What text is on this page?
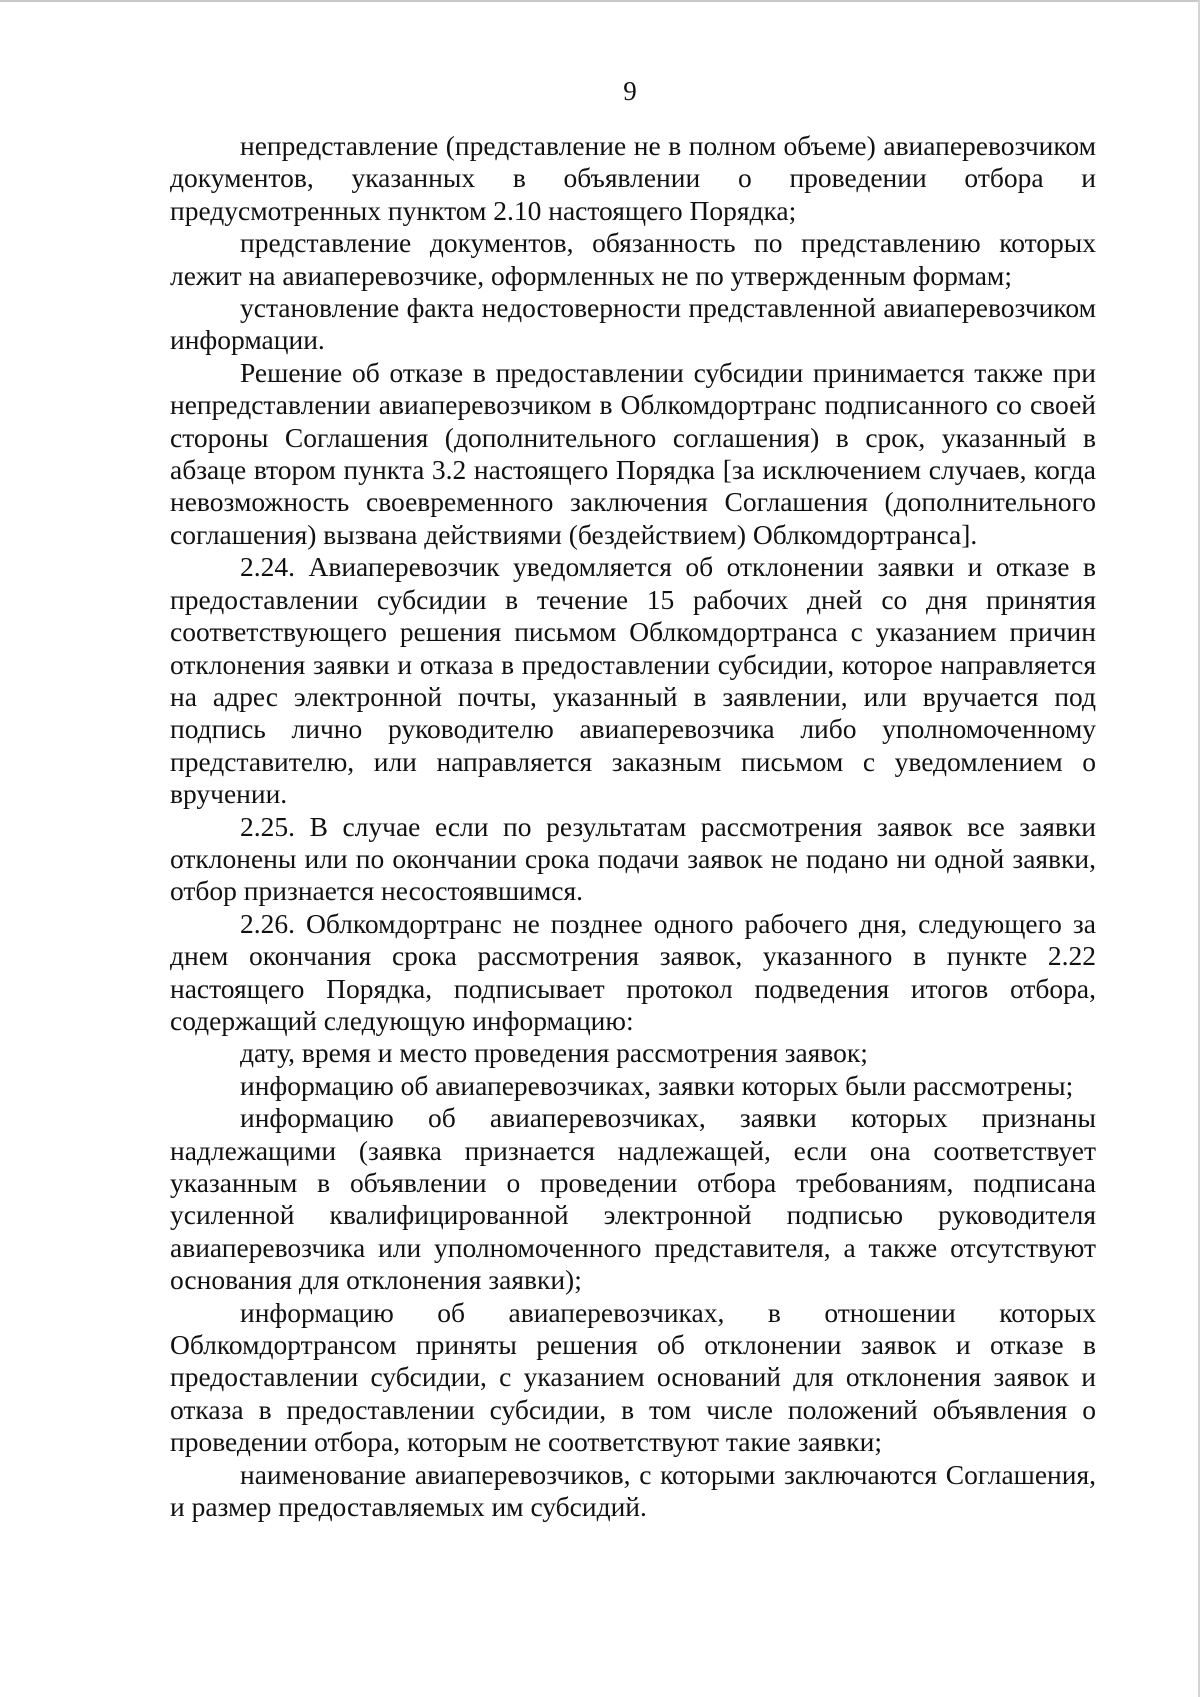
9

непредставление (представление не в полном объеме) авиаперевозчиком документов, указанных в объявлении о проведении отбора и предусмотренных пунктом 2.10 настоящего Порядка;

представление документов, обязанность по представлению которых лежит на авиаперевозчике, оформленных не по утвержденным формам;

установление факта недостоверности представленной авиаперевозчиком информации.

Решение об отказе в предоставлении субсидии принимается также при непредставлении авиаперевозчиком в Облкомдортранс подписанного со своей стороны Соглашения (дополнительного соглашения) в срок, указанный в абзаце втором пункта 3.2 настоящего Порядка [за исключением случаев, когда невозможность своевременного заключения Соглашения (дополнительного соглашения) вызвана действиями (бездействием) Облкомдортранса].

2.24. Авиаперевозчик уведомляется об отклонении заявки и отказе в предоставлении субсидии в течение 15 рабочих дней со дня принятия соответствующего решения письмом Облкомдортранса с указанием причин отклонения заявки и отказа в предоставлении субсидии, которое направляется на адрес электронной почты, указанный в заявлении, или вручается под подпись лично руководителю авиаперевозчика либо уполномоченному представителю, или направляется заказным письмом с уведомлением о вручении.

2.25. В случае если по результатам рассмотрения заявок все заявки отклонены или по окончании срока подачи заявок не подано ни одной заявки, отбор признается несостоявшимся.

2.26. Облкомдортранс не позднее одного рабочего дня, следующего за днем окончания срока рассмотрения заявок, указанного в пункте 2.22 настоящего Порядка, подписывает протокол подведения итогов отбора, содержащий следующую информацию:

дату, время и место проведения рассмотрения заявок;

информацию об авиаперевозчиках, заявки которых были рассмотрены;

информацию об авиаперевозчиках, заявки которых признаны надлежащими (заявка признается надлежащей, если она соответствует указанным в объявлении о проведении отбора требованиям, подписана усиленной квалифицированной электронной подписью руководителя авиаперевозчика или уполномоченного представителя, а также отсутствуют основания для отклонения заявки);

информацию об авиаперевозчиках, в отношении которых Облкомдортрансом приняты решения об отклонении заявок и отказе в предоставлении субсидии, с указанием оснований для отклонения заявок и отказа в предоставлении субсидии, в том числе положений объявления о проведении отбора, которым не соответствуют такие заявки;

наименование авиаперевозчиков, с которыми заключаются Соглашения, и размер предоставляемых им субсидий.
